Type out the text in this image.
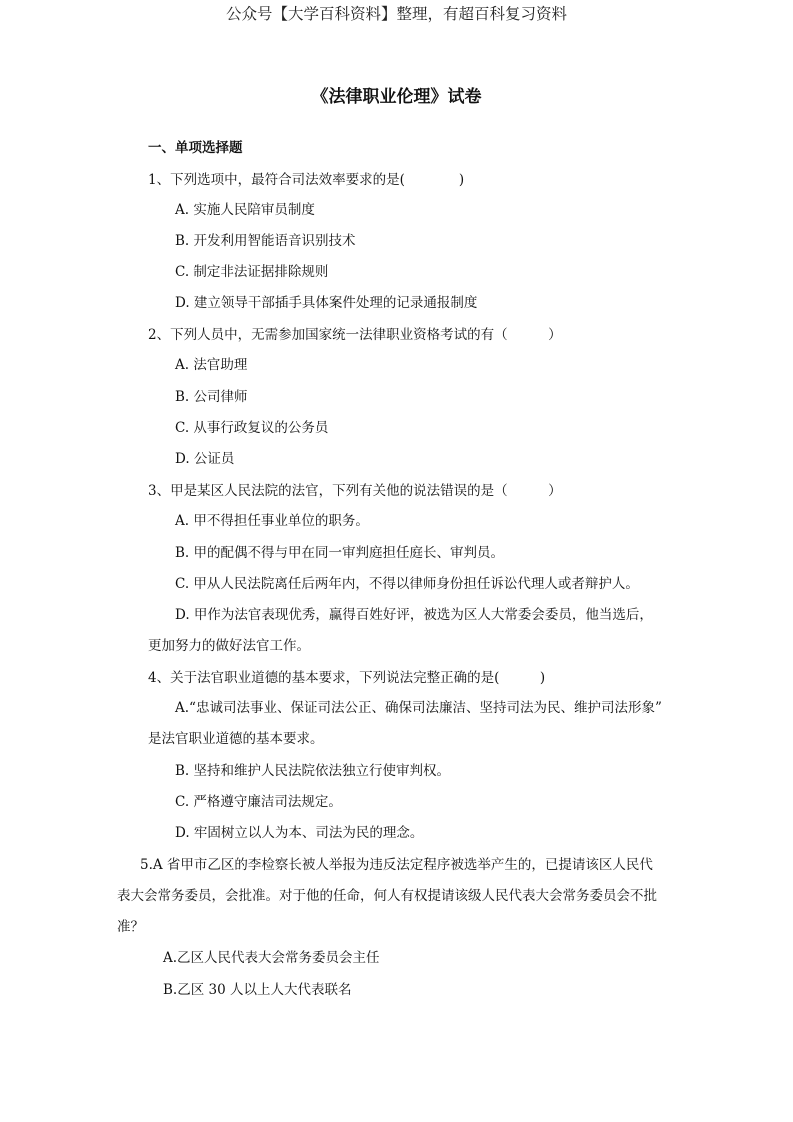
公众号【大学百科资料】整理，有超百科复习资料
《法律职业伦理》试卷
一、单项选择题
1、下列选项中，最符合司法效率要求的是(　　　　)
A. 实施人民陪审员制度
B. 开发利用智能语音识别技术
C. 制定非法证据排除规则
D. 建立领导干部插手具体案件处理的记录通报制度
2、下列人员中，无需参加国家统一法律职业资格考试的有（　　　）
A. 法官助理
B. 公司律师
C. 从事行政复议的公务员
D. 公证员
3、甲是某区人民法院的法官，下列有关他的说法错误的是（　　　）
A. 甲不得担任事业单位的职务。
B. 甲的配偶不得与甲在同一审判庭担任庭长、审判员。
C. 甲从人民法院离任后两年内，不得以律师身份担任诉讼代理人或者辩护人。
D. 甲作为法官表现优秀，赢得百姓好评，被选为区人大常委会委员，他当选后，
更加努力的做好法官工作。
4、关于法官职业道德的基本要求，下列说法完整正确的是(　　　)
A.“忠诚司法事业、保证司法公正、确保司法廉洁、坚持司法为民、维护司法形象”
是法官职业道德的基本要求。
B. 坚持和维护人民法院依法独立行使审判权。
C. 严格遵守廉洁司法规定。
D. 牢固树立以人为本、司法为民的理念。
5.A 省甲市乙区的李检察长被人举报为违反法定程序被选举产生的，已提请该区人民代
表大会常务委员，会批准。对于他的任命，何人有权提请该级人民代表大会常务委员会不批
准？
A.乙区人民代表大会常务委员会主任
B.乙区 30 人以上人大代表联名
